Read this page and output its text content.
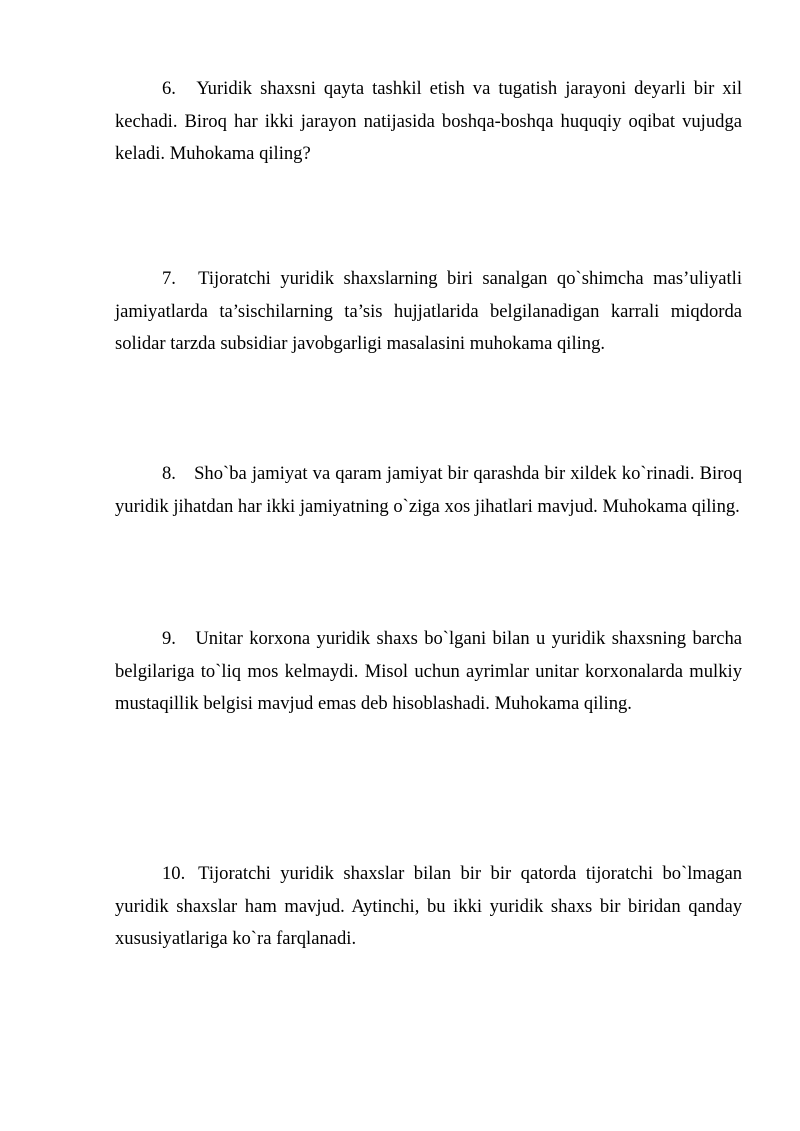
6. Yuridik shaxsni qayta tashkil etish va tugatish jarayoni deyarli bir xil kechadi. Biroq har ikki jarayon natijasida boshqa-boshqa huquqiy oqibat vujudga keladi. Muhokama qiling?

7. Tijoratchi yuridik shaxslarning biri sanalgan qo`shimcha mas’uliyatli jamiyatlarda ta’sischilarning ta’sis hujjatlarida belgilanadigan karrali miqdorda solidar tarzda subsidiar javobgarligi masalasini muhokama qiling.

8. Sho`ba jamiyat va qaram jamiyat bir qarashda bir xildek ko`rinadi. Biroq yuridik jihatdan har ikki jamiyatning o`ziga xos jihatlari mavjud. Muhokama qiling.

9. Unitar korxona yuridik shaxs bo`lgani bilan u yuridik shaxsning barcha belgilariga to`liq mos kelmaydi. Misol uchun ayrimlar unitar korxonalarda mulkiy mustaqillik belgisi mavjud emas deb hisoblashadi. Muhokama qiling.

10. Tijoratchi yuridik shaxslar bilan bir bir qatorda tijoratchi bo`lmagan yuridik shaxslar ham mavjud. Aytinchi, bu ikki yuridik shaxs bir biridan qanday xususiyatlariga ko`ra farqlanadi.
